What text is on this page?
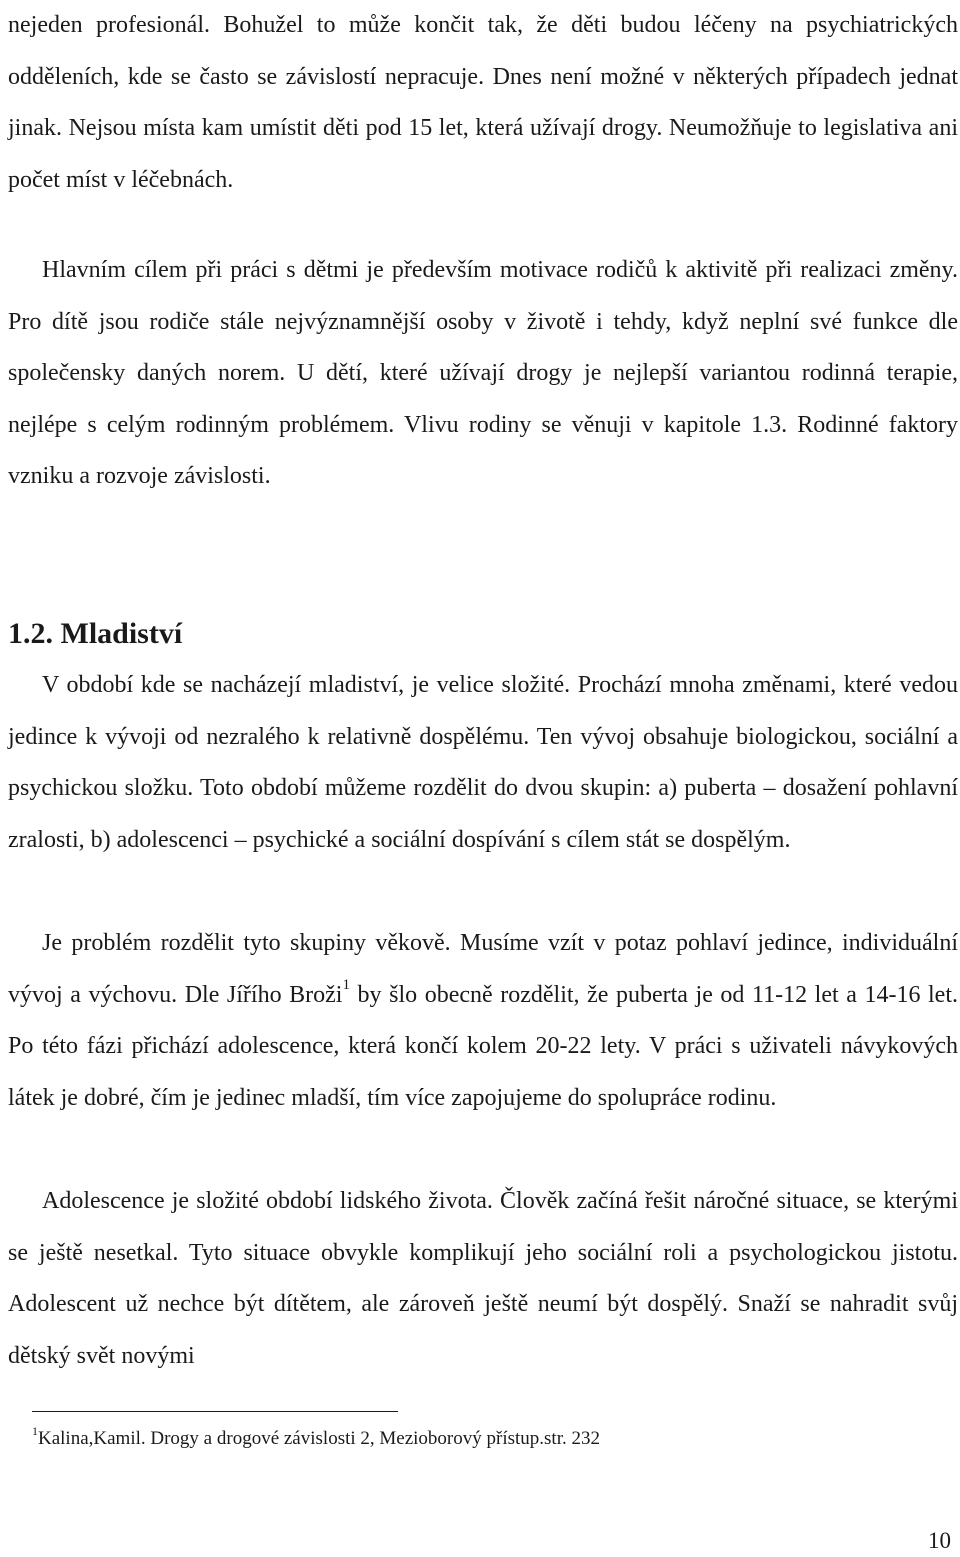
nejeden profesionál. Bohužel to může končit tak, že děti budou léčeny na psychiatrických odděleních, kde se často se závislostí nepracuje. Dnes není možné v některých případech jednat jinak. Nejsou místa kam umístit děti pod 15 let, která užívají drogy. Neumožňuje to legislativa ani počet míst v léčebnách.

Hlavním cílem při práci s dětmi je především motivace rodičů k aktivitě při realizaci změny. Pro dítě jsou rodiče stále nejvýznamnější osoby v životě i tehdy, když neplní své funkce dle společensky daných norem. U dětí, které užívají drogy je nejlepší variantou rodinná terapie, nejlépe s celým rodinným problémem. Vlivu rodiny se věnuji v kapitole 1.3. Rodinné faktory vzniku a rozvoje závislosti.

1.2. Mladiství

V období kde se nacházejí mladiství, je velice složité. Prochází mnoha změnami, které vedou jedince k vývoji od nezralého k relativně dospělému. Ten vývoj obsahuje biologickou, sociální a psychickou složku. Toto období můžeme rozdělit do dvou skupin: a) puberta – dosažení pohlavní zralosti, b) adolescenci – psychické a sociální dospívání s cílem stát se dospělým.

Je problém rozdělit tyto skupiny věkově. Musíme vzít v potaz pohlaví jedince, individuální vývoj a výchovu. Dle Jířího Broži$^1$ by šlo obecně rozdělit, že puberta je od 11-12 let a 14-16 let. Po této fázi přichází adolescence, která končí kolem 20-22 lety. V práci s uživateli návykových látek je dobré, čím je jedinec mladší, tím více zapojujeme do spolupráce rodinu.

Adolescence je složité období lidského života. Člověk začíná řešit náročné situace, se kterými se ještě nesetkal. Tyto situace obvykle komplikují jeho sociální roli a psychologickou jistotu. Adolescent už nechce být dítětem, ale zároveň ještě neumí být dospělý. Snaží se nahradit svůj dětský svět novými

$^1$Kalina,Kamil. Drogy a drogové závislosti 2, Mezioborový přístup.str. 232

10
